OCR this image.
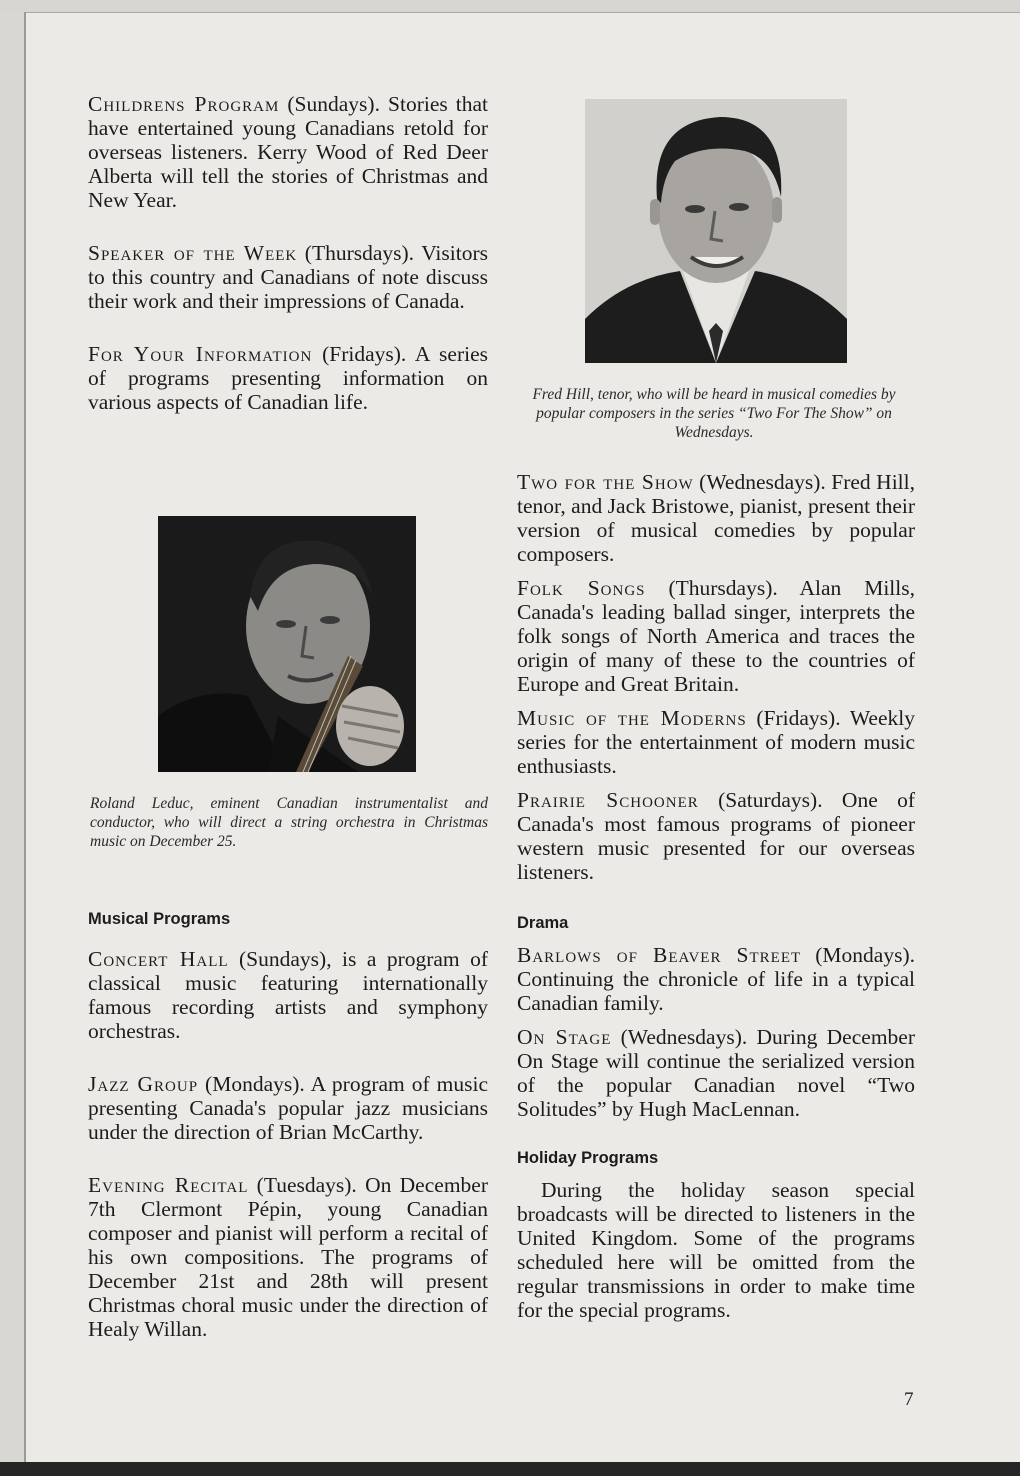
Childrens Program (Sundays). Stories that have entertained young Canadians retold for overseas listeners. Kerry Wood of Red Deer Alberta will tell the stories of Christmas and New Year.

Speaker of the Week (Thursdays). Visitors to this country and Canadians of note discuss their work and their impressions of Canada.

For Your Information (Fridays). A series of programs presenting information on various aspects of Canadian life.

Roland Leduc, eminent Canadian instrumentalist and conductor, who will direct a string orchestra in Christmas music on December 25.

Musical Programs

Concert Hall (Sundays), is a program of classical music featuring internationally famous recording artists and symphony orchestras.

Jazz Group (Mondays). A program of music presenting Canada's popular jazz musicians under the direction of Brian McCarthy.

Evening Recital (Tuesdays). On December 7th Clermont Pépin, young Canadian composer and pianist will perform a recital of his own compositions. The programs of December 21st and 28th will present Christmas choral music under the direction of Healy Willan.

Fred Hill, tenor, who will be heard in musical comedies by popular composers in the series “Two For The Show” on Wednesdays.

Two for the Show (Wednesdays). Fred Hill, tenor, and Jack Bristowe, pianist, present their version of musical comedies by popular composers.

Folk Songs (Thursdays). Alan Mills, Canada's leading ballad singer, interprets the folk songs of North America and traces the origin of many of these to the countries of Europe and Great Britain.

Music of the Moderns (Fridays). Weekly series for the entertainment of modern music enthusiasts.

Prairie Schooner (Saturdays). One of Canada's most famous programs of pioneer western music presented for our overseas listeners.

Drama

Barlows of Beaver Street (Mondays). Continuing the chronicle of life in a typical Canadian family.

On Stage (Wednesdays). During December On Stage will continue the serialized version of the popular Canadian novel “Two Solitudes” by Hugh MacLennan.

Holiday Programs

During the holiday season special broadcasts will be directed to listeners in the United Kingdom. Some of the programs scheduled here will be omitted from the regular transmissions in order to make time for the special programs.

7
